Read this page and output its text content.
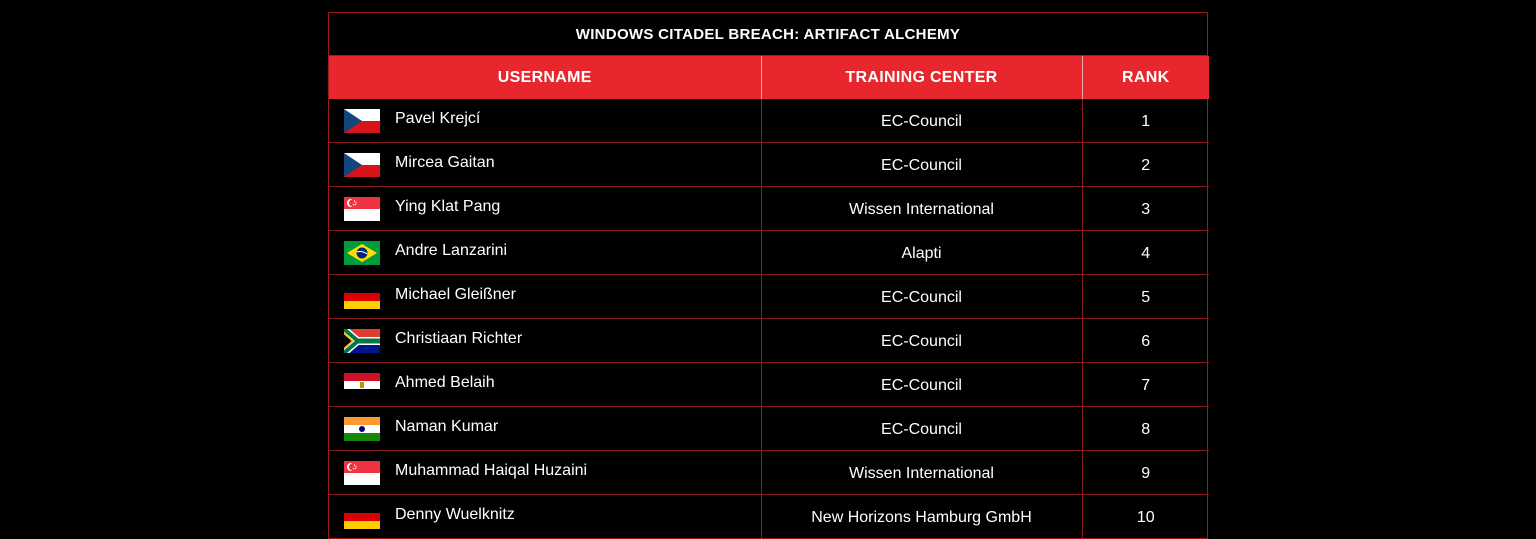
WINDOWS CITADEL BREACH: ARTIFACT ALCHEMY
USERNAME	TRAINING CENTER	RANK

Pavel Krejcí	EC-Council	1

Mircea Gaitan	EC-Council	2

Ying Klat Pang	Wissen International	3

Andre Lanzarini	Alapti	4

Michael Gleißner	EC-Council	5

Christiaan Richter	EC-Council	6

Ahmed Belaih	EC-Council	7

Naman Kumar	EC-Council	8

Muhammad Haiqal Huzaini	Wissen International	9

Denny Wuelknitz	New Horizons Hamburg GmbH	10
